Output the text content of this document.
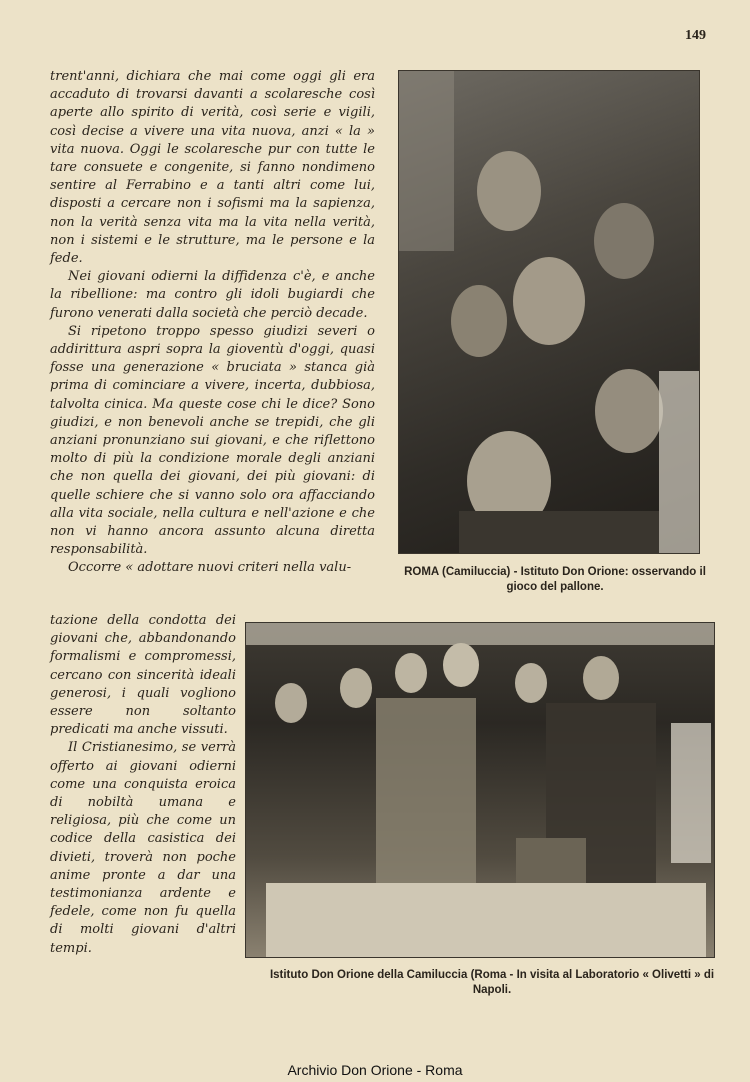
149

trent'anni, dichiara che mai come oggi gli era accaduto di trovarsi davanti a scolaresche così aperte allo spirito di verità, così serie e vigili, così decise a vivere una vita nuova, anzi « la » vita nuova. Oggi le scolaresche pur con tutte le tare consuete e congenite, si fanno nondimeno sentire al Ferrabino e a tanti altri come lui, disposti a cercare non i sofismi ma la sapienza, non la verità senza vita ma la vita nella verità, non i sistemi e le strutture, ma le persone e la fede.

Nei giovani odierni la diffidenza c'è, e anche la ribellione: ma contro gli idoli bugiardi che furono venerati dalla società che perciò decade.

Si ripetono troppo spesso giudizi severi o addirittura aspri sopra la gioventù d'oggi, quasi fosse una generazione « bruciata » stanca già prima di cominciare a vivere, incerta, dubbiosa, talvolta cinica. Ma queste cose chi le dice? Sono giudizi, e non benevoli anche se trepidi, che gli anziani pronunziano sui giovani, e che riflettono molto di più la condizione morale degli anziani che non quella dei giovani, dei più giovani: di quelle schiere che si vanno solo ora affacciando alla vita sociale, nella cultura e nell'azione e che non vi hanno ancora assunto alcuna diretta responsabilità.

Occorre « adottare nuovi criteri nella valu-	ROMA (Camiluccia) - Istituto Don Orione: osservando il gioco del pallone.

tazione della condotta dei giovani che, abbandonando formalismi e compromessi, cercano con sincerità ideali generosi, i quali vogliono essere non soltanto predicati ma anche vissuti.

Il Cristianesimo, se verrà offerto ai giovani odierni come una conquista eroica di nobiltà umana e religiosa, più che come un codice della casistica dei divieti, troverà non poche anime pronte a dar una testimonianza ardente e fedele, come non fu quella di molti giovani d'altri tempi.

Istituto Don Orione della Camiluccia (Roma - In visita al Laboratorio « Olivetti » di Napoli.
Archivio Don Orione - Roma
